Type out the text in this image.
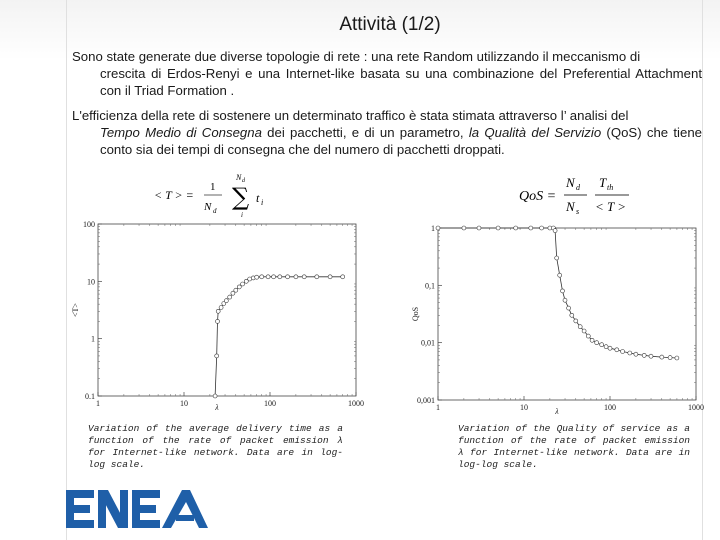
Attività (1/2)
Sono state generate due diverse topologie di rete : una rete Random utilizzando il meccanismo di
crescita di Erdos-Renyi e una Internet-like basata su una combinazione del Preferential Attachment con il Triad Formation .
L'efficienza della rete di sostenere un determinato traffico è stata stimata attraverso l’ analisi del
Tempo Medio di Consegna dei pacchetti, e di un parametro, la Qualità del Servizio (QoS) che tiene conto sia dei tempi di consegna che del numero di pacchetti droppati.
< T > =
1
N d
N d
∑
i
t i	QoS =
N d
N s
T th
< T >
1	10	100	1000
0.1
1
10
100
λ
<T>
1	10	100	1000
0,001
0,01
0,1
1
λ
QoS
Variation of the average delivery time as a function of the rate of packet emission λ for Internet-like network. Data are in log-log scale.
Variation of the Quality of service as a function of the rate of packet emission λ for Internet-like network. Data are in log-log scale.
